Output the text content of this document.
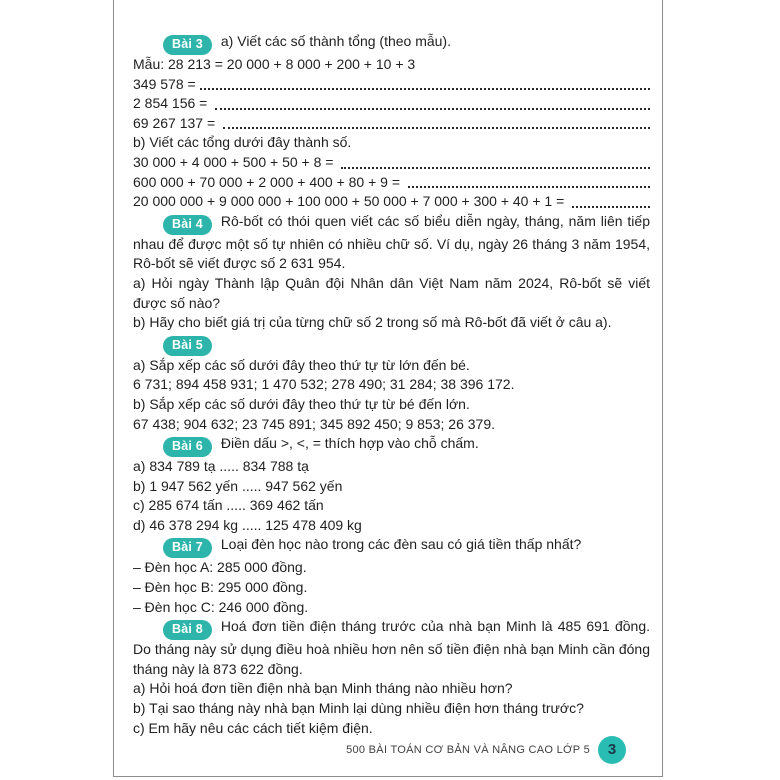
Bài 3 a) Viết các số thành tổng (theo mẫu).

Mẫu: 28 213 = 20 000 + 8 000 + 200 + 10 + 3

349 578 =
2 854 156 =
69 267 137 =

b) Viết các tổng dưới đây thành số.

30 000 + 4 000 + 500 + 50 + 8 =
600 000 + 70 000 + 2 000 + 400 + 80 + 9 =
20 000 000 + 9 000 000 + 100 000 + 50 000 + 7 000 + 300 + 40 + 1 =

Bài 4 Rô-bốt có thói quen viết các số biểu diễn ngày, tháng, năm liên tiếp nhau để được một số tự nhiên có nhiều chữ số. Ví dụ, ngày 26 tháng 3 năm 1954, Rô-bốt sẽ viết được số 2 631 954.

a) Hỏi ngày Thành lập Quân đội Nhân dân Việt Nam năm 2024, Rô-bốt sẽ viết được số nào?

b) Hãy cho biết giá trị của từng chữ số 2 trong số mà Rô-bốt đã viết ở câu a).

Bài 5

a) Sắp xếp các số dưới đây theo thứ tự từ lớn đến bé.

6 731; 894 458 931; 1 470 532; 278 490; 31 284; 38 396 172.

b) Sắp xếp các số dưới đây theo thứ tự từ bé đến lớn.

67 438; 904 632; 23 745 891; 345 892 450; 9 853; 26 379.

Bài 6 Điền dấu >, <, = thích hợp vào chỗ chấm.

a) 834 789 tạ ..... 834 788 tạ

b) 1 947 562 yến ..... 947 562 yến

c) 285 674 tấn ..... 369 462 tấn

d) 46 378 294 kg ..... 125 478 409 kg

Bài 7 Loại đèn học nào trong các đèn sau có giá tiền thấp nhất?

– Đèn học A: 285 000 đồng.

– Đèn học B: 295 000 đồng.

– Đèn học C: 246 000 đồng.

Bài 8 Hoá đơn tiền điện tháng trước của nhà bạn Minh là 485 691 đồng. Do tháng này sử dụng điều hoà nhiều hơn nên số tiền điện nhà bạn Minh cần đóng tháng này là 873 622 đồng.

a) Hỏi hoá đơn tiền điện nhà bạn Minh tháng nào nhiều hơn?

b) Tại sao tháng này nhà bạn Minh lại dùng nhiều điện hơn tháng trước?

c) Em hãy nêu các cách tiết kiệm điện.

500 BÀI TOÁN CƠ BẢN VÀ NÂNG CAO LỚP 5	3
